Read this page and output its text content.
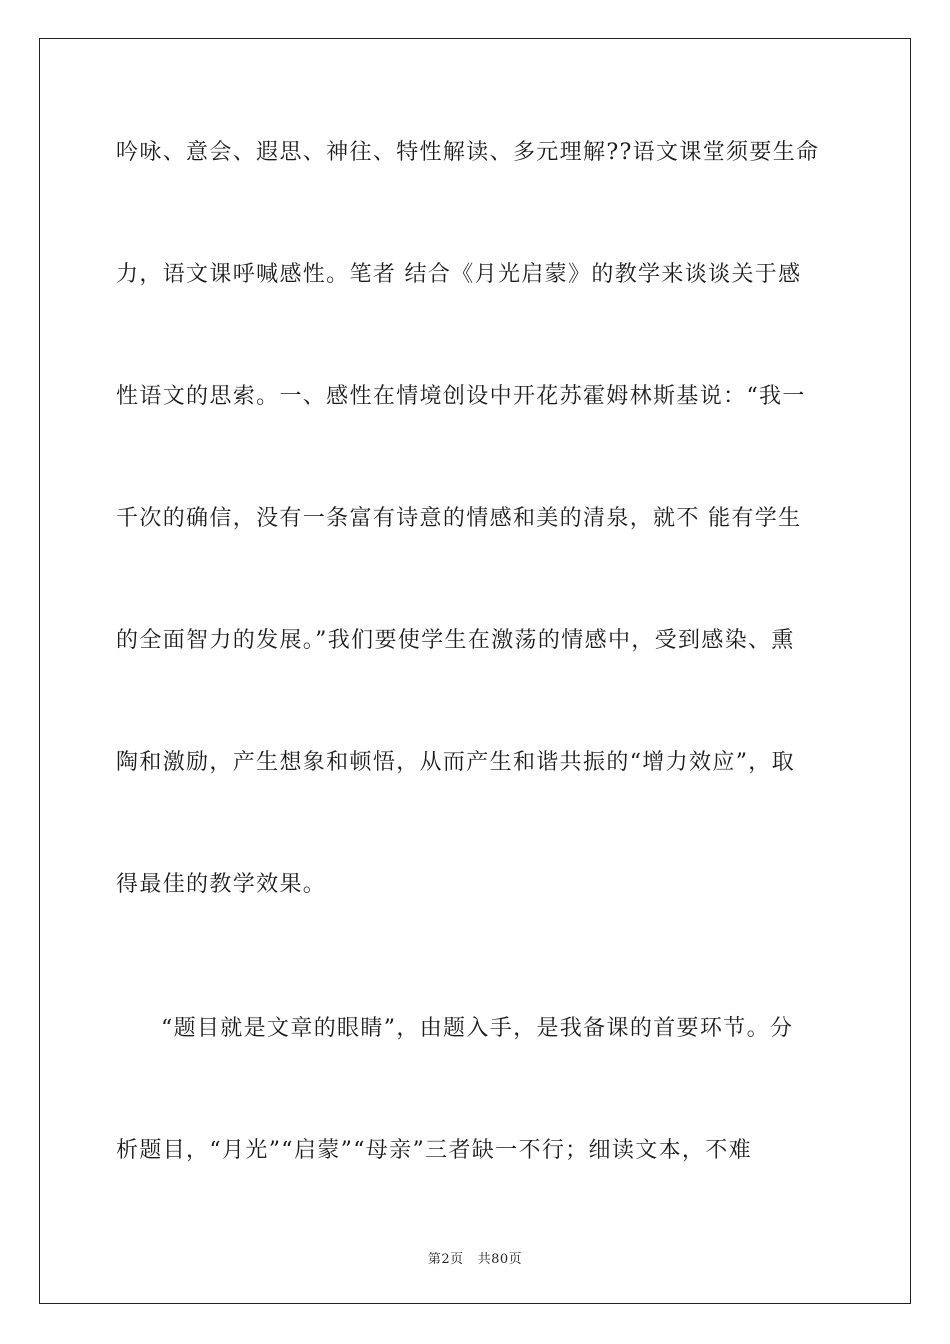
吟咏、意会、遐思、神往、特性解读、多元理解??语文课堂须要生命
力，语文课呼喊感性。笔者 结合《月光启蒙》的教学来谈谈关于感
性语文的思索。一、感性在情境创设中开花苏霍姆林斯基说：“我一
千次的确信，没有一条富有诗意的情感和美的清泉，就不 能有学生
的全面智力的发展。”我们要使学生在激荡的情感中，受到感染、熏
陶和激励，产生想象和顿悟，从而产生和谐共振的“增力效应”，取
得最佳的教学效果。
“题目就是文章的眼睛”，由题入手，是我备课的首要环节。分
析题目，“月光”“启蒙”“母亲”三者缺一不行；细读文本，不难
第2页 共80页
